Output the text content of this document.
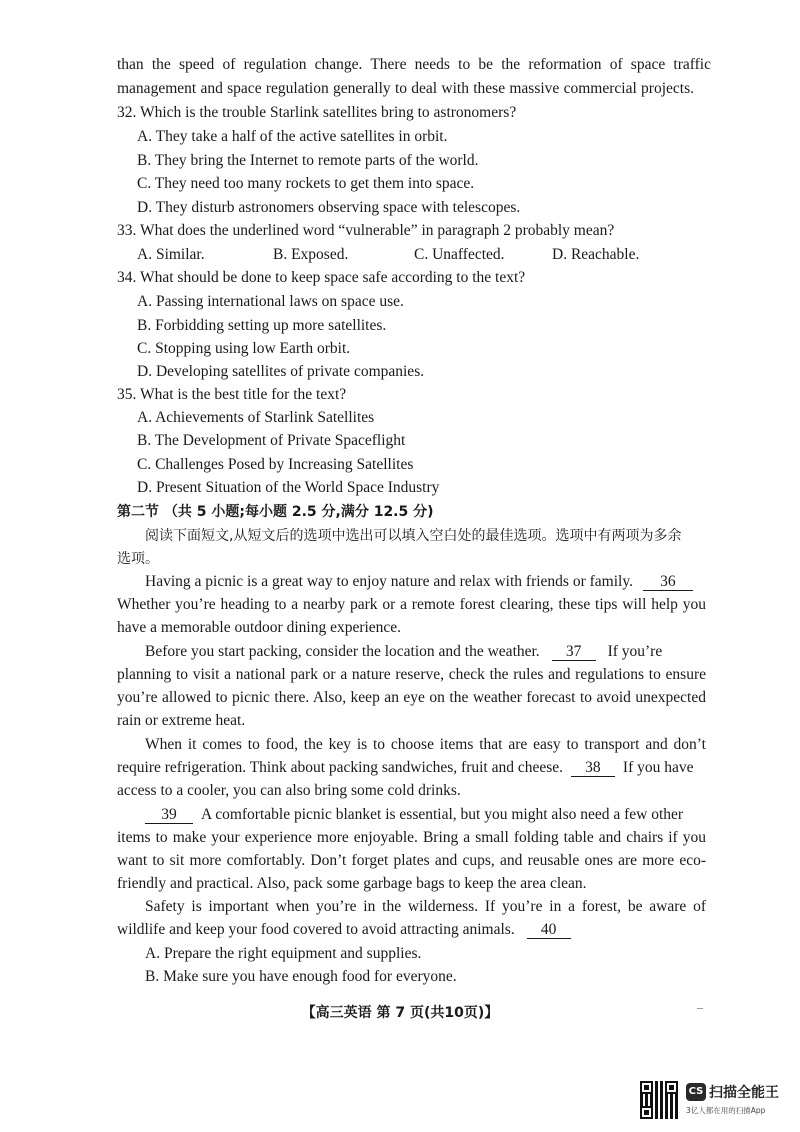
than the speed of regulation change. There needs to be the reformation of space traffic
management and space regulation generally to deal with these massive commercial projects.
32. Which is the trouble Starlink satellites bring to astronomers?
A. They take a half of the active satellites in orbit.
B. They bring the Internet to remote parts of the world.
C. They need too many rockets to get them into space.
D. They disturb astronomers observing space with telescopes.
33. What does the underlined word “vulnerable” in paragraph 2 probably mean?
A. Similar.	B. Exposed.	C. Unaffected.	D. Reachable.
34. What should be done to keep space safe according to the text?
A. Passing international laws on space use.
B. Forbidding setting up more satellites.
C. Stopping using low Earth orbit.
D. Developing satellites of private companies.
35. What is the best title for the text?
A. Achievements of Starlink Satellites
B. The Development of Private Spaceflight
C. Challenges Posed by Increasing Satellites
D. Present Situation of the World Space Industry
第二节 （共 5 小题;每小题 2.5 分,满分 12.5 分)
阅读下面短文,从短文后的选项中选出可以填入空白处的最佳选项。选项中有两项为多余
选项。
Having a picnic is a great way to enjoy nature and relax with friends or family. 36
Whether you’re heading to a nearby park or a remote forest clearing, these tips will help you
have a memorable outdoor dining experience.
Before you start packing, consider the location and the weather. 37 If you’re
planning to visit a national park or a nature reserve, check the rules and regulations to ensure
you’re allowed to picnic there. Also, keep an eye on the weather forecast to avoid unexpected
rain or extreme heat.
When it comes to food, the key is to choose items that are easy to transport and don’t
require refrigeration. Think about packing sandwiches, fruit and cheese. 38 If you have
access to a cooler, you can also bring some cold drinks.
39 A comfortable picnic blanket is essential, but you might also need a few other
items to make your experience more enjoyable. Bring a small folding table and chairs if you
want to sit more comfortably. Don’t forget plates and cups, and reusable ones are more eco-
friendly and practical. Also, pack some garbage bags to keep the area clean.
Safety is important when you’re in the wilderness. If you’re in a forest, be aware of
wildlife and keep your food covered to avoid attracting animals. 40
A. Prepare the right equipment and supplies.
B. Make sure you have enough food for everyone.
【高三英语 第 7 页(共10页)】	–
CS 扫描全能王
3亿人都在用的扫描App
